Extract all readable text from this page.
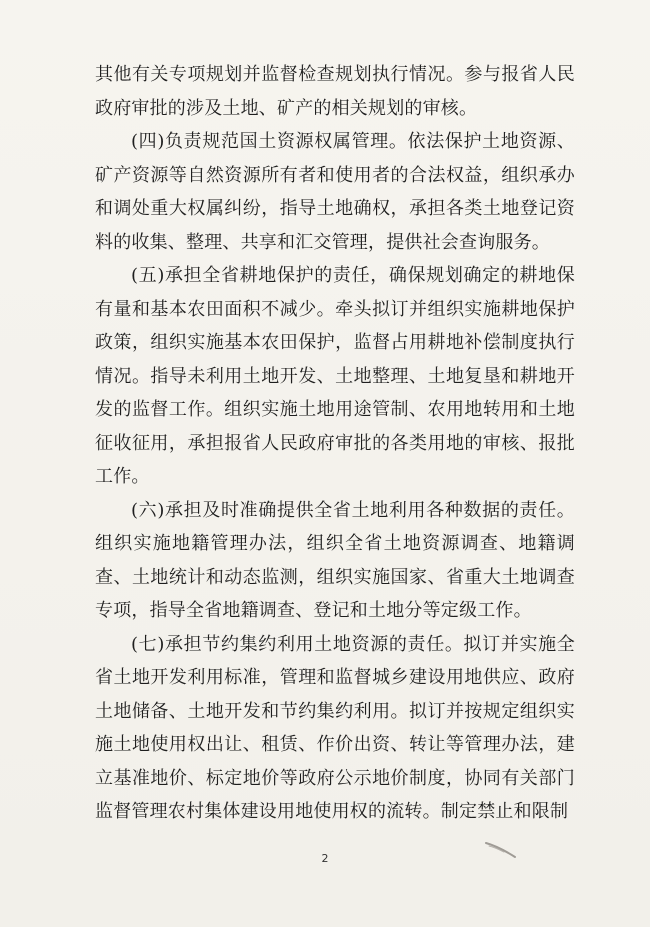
其他有关专项规划并监督检查规划执行情况。参与报省人民政府审批的涉及土地、矿产的相关规划的审核。

(四)负责规范国土资源权属管理。依法保护土地资源、矿产资源等自然资源所有者和使用者的合法权益，组织承办和调处重大权属纠纷，指导土地确权，承担各类土地登记资料的收集、整理、共享和汇交管理，提供社会查询服务。

(五)承担全省耕地保护的责任，确保规划确定的耕地保有量和基本农田面积不减少。牵头拟订并组织实施耕地保护政策，组织实施基本农田保护，监督占用耕地补偿制度执行情况。指导未利用土地开发、土地整理、土地复垦和耕地开发的监督工作。组织实施土地用途管制、农用地转用和土地征收征用，承担报省人民政府审批的各类用地的审核、报批工作。

(六)承担及时准确提供全省土地利用各种数据的责任。组织实施地籍管理办法，组织全省土地资源调查、地籍调查、土地统计和动态监测，组织实施国家、省重大土地调查专项，指导全省地籍调查、登记和土地分等定级工作。

(七)承担节约集约利用土地资源的责任。拟订并实施全省土地开发利用标准，管理和监督城乡建设用地供应、政府土地储备、土地开发和节约集约利用。拟订并按规定组织实施土地使用权出让、租赁、作价出资、转让等管理办法，建立基准地价、标定地价等政府公示地价制度，协同有关部门监督管理农村集体建设用地使用权的流转。制定禁止和限制

2
